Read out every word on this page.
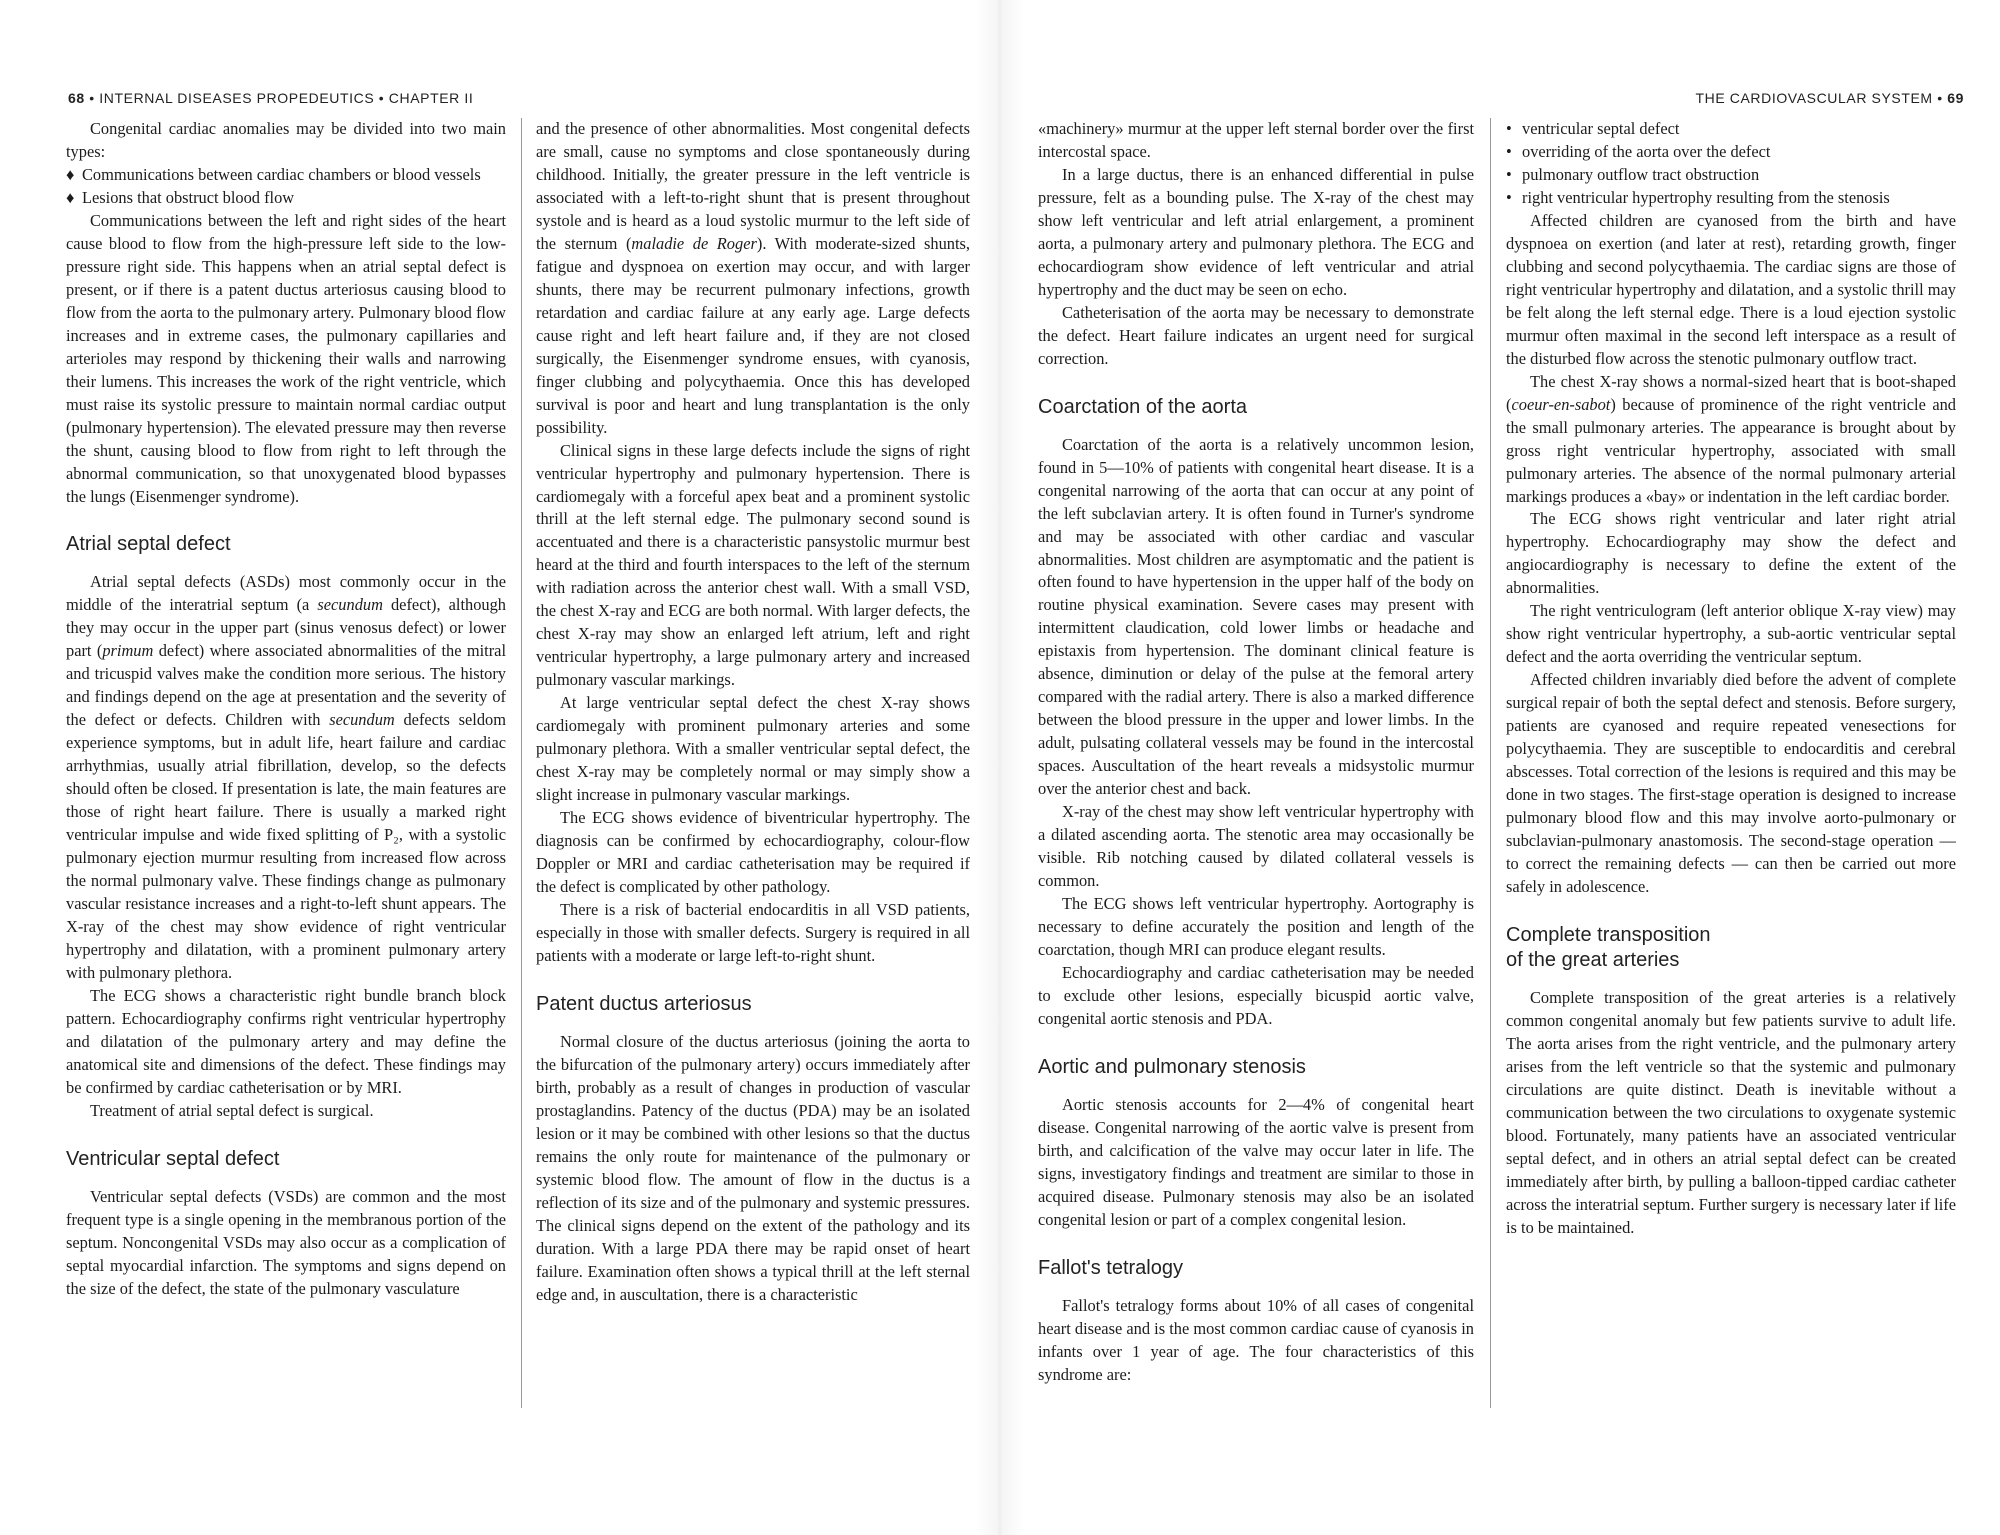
68 • INTERNAL DISEASES PROPEDEUTICS • CHAPTER II

Congenital cardiac anomalies may be divided into two main types:

♦ Communications between cardiac chambers or blood vessels
♦ Lesions that obstruct blood flow

Communications between the left and right sides of the heart cause blood to flow from the high-pressure left side to the low-pressure right side. This happens when an atrial septal defect is present, or if there is a patent ductus arteriosus causing blood to flow from the aorta to the pulmonary artery. Pulmonary blood flow increases and in extreme cases, the pulmonary capillaries and arterioles may respond by thickening their walls and narrowing their lumens. This increases the work of the right ventricle, which must raise its systolic pressure to maintain normal cardiac output (pulmonary hypertension). The elevated pressure may then reverse the shunt, causing blood to flow from right to left through the abnormal communication, so that unoxygenated blood bypasses the lungs (Eisenmenger syndrome).

Atrial septal defect

Atrial septal defects (ASDs) most commonly occur in the middle of the interatrial septum (a secundum defect), although they may occur in the upper part (sinus venosus defect) or lower part (primum defect) where associated abnormalities of the mitral and tricuspid valves make the condition more serious. The history and findings depend on the age at presentation and the severity of the defect or defects. Children with secundum defects seldom experience symptoms, but in adult life, heart failure and cardiac arrhythmias, usually atrial fibrillation, develop, so the defects should often be closed. If presentation is late, the main features are those of right heart failure. There is usually a marked right ventricular impulse and wide fixed splitting of P₂, with a systolic pulmonary ejection murmur resulting from increased flow across the normal pulmonary valve. These findings change as pulmonary vascular resistance increases and a right-to-left shunt appears. The X-ray of the chest may show evidence of right ventricular hypertrophy and dilatation, with a prominent pulmonary artery with pulmonary plethora.

The ECG shows a characteristic right bundle branch block pattern. Echocardiography confirms right ventricular hypertrophy and dilatation of the pulmonary artery and may define the anatomical site and dimensions of the defect. These findings may be confirmed by cardiac catheterisation or by MRI.

Treatment of atrial septal defect is surgical.

Ventricular septal defect

Ventricular septal defects (VSDs) are common and the most frequent type is a single opening in the membranous portion of the septum. Noncongenital VSDs may also occur as a complication of septal myocardial infarction. The symptoms and signs depend on the size of the defect, the state of the pulmonary vasculature

and the presence of other abnormalities. Most congenital defects are small, cause no symptoms and close spontaneously during childhood. Initially, the greater pressure in the left ventricle is associated with a left-to-right shunt that is present throughout systole and is heard as a loud systolic murmur to the left side of the sternum (maladie de Roger). With moderate-sized shunts, fatigue and dyspnoea on exertion may occur, and with larger shunts, there may be recurrent pulmonary infections, growth retardation and cardiac failure at any early age. Large defects cause right and left heart failure and, if they are not closed surgically, the Eisenmenger syndrome ensues, with cyanosis, finger clubbing and polycythaemia. Once this has developed survival is poor and heart and lung transplantation is the only possibility.

Clinical signs in these large defects include the signs of right ventricular hypertrophy and pulmonary hypertension. There is cardiomegaly with a forceful apex beat and a prominent systolic thrill at the left sternal edge. The pulmonary second sound is accentuated and there is a characteristic pansystolic murmur best heard at the third and fourth interspaces to the left of the sternum with radiation across the anterior chest wall. With a small VSD, the chest X-ray and ECG are both normal. With larger defects, the chest X-ray may show an enlarged left atrium, left and right ventricular hypertrophy, a large pulmonary artery and increased pulmonary vascular markings.

At large ventricular septal defect the chest X-ray shows cardiomegaly with prominent pulmonary arteries and some pulmonary plethora. With a smaller ventricular septal defect, the chest X-ray may be completely normal or may simply show a slight increase in pulmonary vascular markings.

The ECG shows evidence of biventricular hypertrophy. The diagnosis can be confirmed by echocardiography, colour-flow Doppler or MRI and cardiac catheterisation may be required if the defect is complicated by other pathology.

There is a risk of bacterial endocarditis in all VSD patients, especially in those with smaller defects. Surgery is required in all patients with a moderate or large left-to-right shunt.

Patent ductus arteriosus

Normal closure of the ductus arteriosus (joining the aorta to the bifurcation of the pulmonary artery) occurs immediately after birth, probably as a result of changes in production of vascular prostaglandins. Patency of the ductus (PDA) may be an isolated lesion or it may be combined with other lesions so that the ductus remains the only route for maintenance of the pulmonary or systemic blood flow. The amount of flow in the ductus is a reflection of its size and of the pulmonary and systemic pressures. The clinical signs depend on the extent of the pathology and its duration. With a large PDA there may be rapid onset of heart failure. Examination often shows a typical thrill at the left sternal edge and, in auscultation, there is a characteristic

THE CARDIOVASCULAR SYSTEM • 69

«machinery» murmur at the upper left sternal border over the first intercostal space.

In a large ductus, there is an enhanced differential in pulse pressure, felt as a bounding pulse. The X-ray of the chest may show left ventricular and left atrial enlargement, a prominent aorta, a pulmonary artery and pulmonary plethora. The ECG and echocardiogram show evidence of left ventricular and atrial hypertrophy and the duct may be seen on echo.

Catheterisation of the aorta may be necessary to demonstrate the defect. Heart failure indicates an urgent need for surgical correction.

Coarctation of the aorta

Coarctation of the aorta is a relatively uncommon lesion, found in 5—10% of patients with congenital heart disease. It is a congenital narrowing of the aorta that can occur at any point of the left subclavian artery. It is often found in Turner's syndrome and may be associated with other cardiac and vascular abnormalities. Most children are asymptomatic and the patient is often found to have hypertension in the upper half of the body on routine physical examination. Severe cases may present with intermittent claudication, cold lower limbs or headache and epistaxis from hypertension. The dominant clinical feature is absence, diminution or delay of the pulse at the femoral artery compared with the radial artery. There is also a marked difference between the blood pressure in the upper and lower limbs. In the adult, pulsating collateral vessels may be found in the intercostal spaces. Auscultation of the heart reveals a midsystolic murmur over the anterior chest and back.

X-ray of the chest may show left ventricular hypertrophy with a dilated ascending aorta. The stenotic area may occasionally be visible. Rib notching caused by dilated collateral vessels is common.

The ECG shows left ventricular hypertrophy. Aortography is necessary to define accurately the position and length of the coarctation, though MRI can produce elegant results.

Echocardiography and cardiac catheterisation may be needed to exclude other lesions, especially bicuspid aortic valve, congenital aortic stenosis and PDA.

Aortic and pulmonary stenosis

Aortic stenosis accounts for 2—4% of congenital heart disease. Congenital narrowing of the aortic valve is present from birth, and calcification of the valve may occur later in life. The signs, investigatory findings and treatment are similar to those in acquired disease. Pulmonary stenosis may also be an isolated congenital lesion or part of a complex congenital lesion.

Fallot's tetralogy

Fallot's tetralogy forms about 10% of all cases of congenital heart disease and is the most common cardiac cause of cyanosis in infants over 1 year of age. The four characteristics of this syndrome are:

• ventricular septal defect
• overriding of the aorta over the defect
• pulmonary outflow tract obstruction
• right ventricular hypertrophy resulting from the stenosis

Affected children are cyanosed from the birth and have dyspnoea on exertion (and later at rest), retarding growth, finger clubbing and second polycythaemia. The cardiac signs are those of right ventricular hypertrophy and dilatation, and a systolic thrill may be felt along the left sternal edge. There is a loud ejection systolic murmur often maximal in the second left interspace as a result of the disturbed flow across the stenotic pulmonary outflow tract.

The chest X-ray shows a normal-sized heart that is boot-shaped (coeur-en-sabot) because of prominence of the right ventricle and the small pulmonary arteries. The appearance is brought about by gross right ventricular hypertrophy, associated with small pulmonary arteries. The absence of the normal pulmonary arterial markings produces a «bay» or indentation in the left cardiac border.

The ECG shows right ventricular and later right atrial hypertrophy. Echocardiography may show the defect and angiocardiography is necessary to define the extent of the abnormalities.

The right ventriculogram (left anterior oblique X-ray view) may show right ventricular hypertrophy, a sub-aortic ventricular septal defect and the aorta overriding the ventricular septum.

Affected children invariably died before the advent of complete surgical repair of both the septal defect and stenosis. Before surgery, patients are cyanosed and require repeated venesections for polycythaemia. They are susceptible to endocarditis and cerebral abscesses. Total correction of the lesions is required and this may be done in two stages. The first-stage operation is designed to increase pulmonary blood flow and this may involve aorto-pulmonary or subclavian-pulmonary anastomosis. The second-stage operation — to correct the remaining defects — can then be carried out more safely in adolescence.

Complete transposition
of the great arteries

Complete transposition of the great arteries is a relatively common congenital anomaly but few patients survive to adult life. The aorta arises from the right ventricle, and the pulmonary artery arises from the left ventricle so that the systemic and pulmonary circulations are quite distinct. Death is inevitable without a communication between the two circulations to oxygenate systemic blood. Fortunately, many patients have an associated ventricular septal defect, and in others an atrial septal defect can be created immediately after birth, by pulling a balloon-tipped cardiac catheter across the interatrial septum. Further surgery is necessary later if life is to be maintained.
